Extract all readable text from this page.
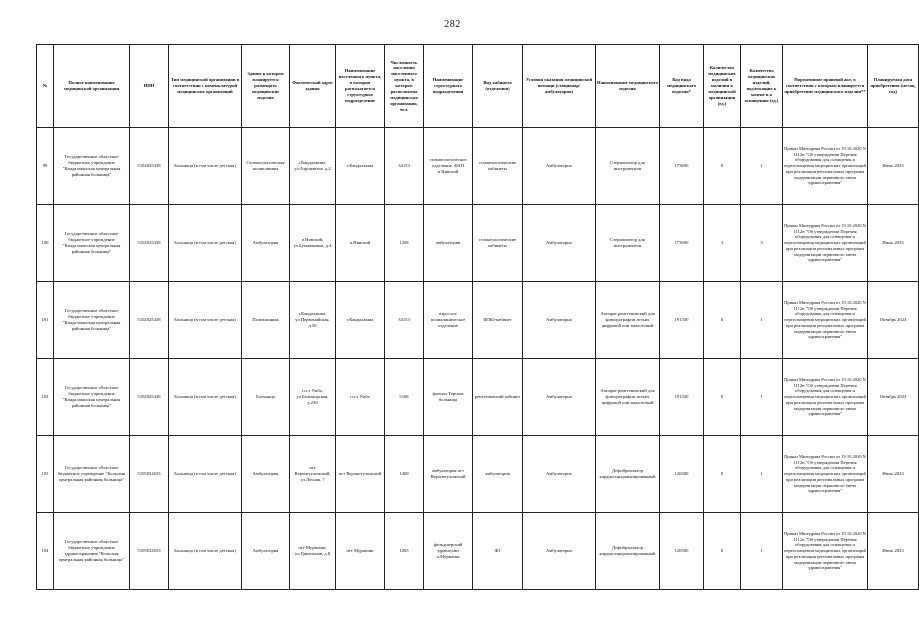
282
№	Полное наименование медицинской организации	ИНН	Тип медицинской организации в соответствии с номенклатурой медицинских организаций	Здание в котором планируется размещать медицинские изделия	Фактический адрес здания	Наименование населенного пункта, в котором располагается структурное подразделение	Численность населения населенного пункта, в котором расположена медицинская организация, чел.	Наименование структурного подразделения	Вид кабинета (отделения)	Условия оказания медицинской помощи (стационар/амбулатория)	Наименование медицинского изделия	Код вида медицинского изделия*	Количество медицинских изделий в наличии в медицинской организации (ед.)	Количество медицинских изделий, подлежащих к замене и к оснащению (ед.)	Нормативное правовой акт, в соответствии с которым планируется приобретение медицинского изделия**	Планируемая дата приобретения (месяц, год)
99	Государственное областное бюджетное учреждение "Кандалакшская центральная районная больница"	5102025438	Больница (в том числе детская)	Стоматологическая поликлиника	г.Кандалакша, ул.Аэронавтов, д.2	г.Кандалакша	34153	стоматологическое отделение, ФАП п.Нивский	стоматологические кабинеты	Амбулаторно	Стерилизатор для инструментов	173690	0	1	Приказ Минздрава России от 19.10.2020 N 1112н "Об утверждении Перечня оборудования для оснащения и переоснащения медицинских организаций при реализации региональных программ модернизации первичного звена здравоохранения"	Июль 2023
100	Государственное областное бюджетное учреждение "Кандалакшская центральная районная больница"	5102025438	Больница (в том числе детская)	Амбулатория	п.Нивский, ул.Бумажников, д.4	п.Нивский	1208	амбулатория	стоматологические кабинеты	Амбулаторно	Стерилизатор для инструментов	173690	3	3	Приказ Минздрава России от 19.10.2020 N 1112н "Об утверждении Перечня оборудования для оснащения и переоснащения медицинских организаций при реализации региональных программ модернизации первичного звена здравоохранения"	Июль 2023
101	Государственное областное бюджетное учреждение "Кандалакшская центральная районная больница"	5102025438	Больница (в том числе детская)	Поликлиника	г.Кандалакша, ул.Первомайская, д.50	г.Кандалакша	34153	взрослое поликлиническое отделение	ФЛЮ-кабинет	Амбулаторно	Аппарат рентгеновский для флюорографии легких цифровой или аналоговый	191330	0	1	Приказ Минздрава России от 19.10.2020 N 1112н "Об утверждении Перечня оборудования для оснащения и переоснащения медицинских организаций при реализации региональных программ модернизации первичного звена здравоохранения"	Октябрь 2023
102	Государственное областное бюджетное учреждение "Кандалакшская центральная районная больница"	5102025438	Больница (в том числе детская)	Больница	п.г.т Умба, ул.Беломорская, д.23б	п.г.т Умба	5168	филиал Терская больница	рентгеновский кабинет	Амбулаторно	Аппарат рентгеновский для флюорографии легких цифровой или аналоговый	191330	0	1	Приказ Минздрава России от 19.10.2020 N 1112н "Об утверждении Перечня оборудования для оснащения и переоснащения медицинских организаций при реализации региональных программ модернизации первичного звена здравоохранения"	Октябрь 2023
103	Государственное областное бюджетное учреждение "Кольская центральная районная больница"	5105032633	Больница (в том числе детская)	Амбулатория	пгт Верхнетуломский, ул.Лесная, 7	пгт Верхнетуломский	1409	амбулатория пгт Верхнетуломский	амбулатория	Амбулаторно	Дефибриллятор кардиосинхронизированный	126500	0	1	Приказ Минздрава России от 19.10.2020 N 1112н "Об утверждении Перечня оборудования для оснащения и переоснащения медицинских организаций при реализации региональных программ модернизации первичного звена здравоохранения"	Июль 2023
104	Государственное областное бюджетное учреждение здравоохранения "Кольская центральная районная больница"	5105032633	Больница (в том числе детская)	Амбулатория	пгт Мурмаши, ул.Цивильная, д.8	пгт Мурмаши	1265	фельдшерский здравпункт п.Мурмаши	ФЗ	Амбулаторно	Дефибриллятор кардиосинхронизированный	126500	0	1	Приказ Минздрава России от 19.10.2020 N 1112н "Об утверждении Перечня оборудования для оснащения и переоснащения медицинских организаций при реализации региональных программ модернизации первичного звена здравоохранения"	Июль 2023
